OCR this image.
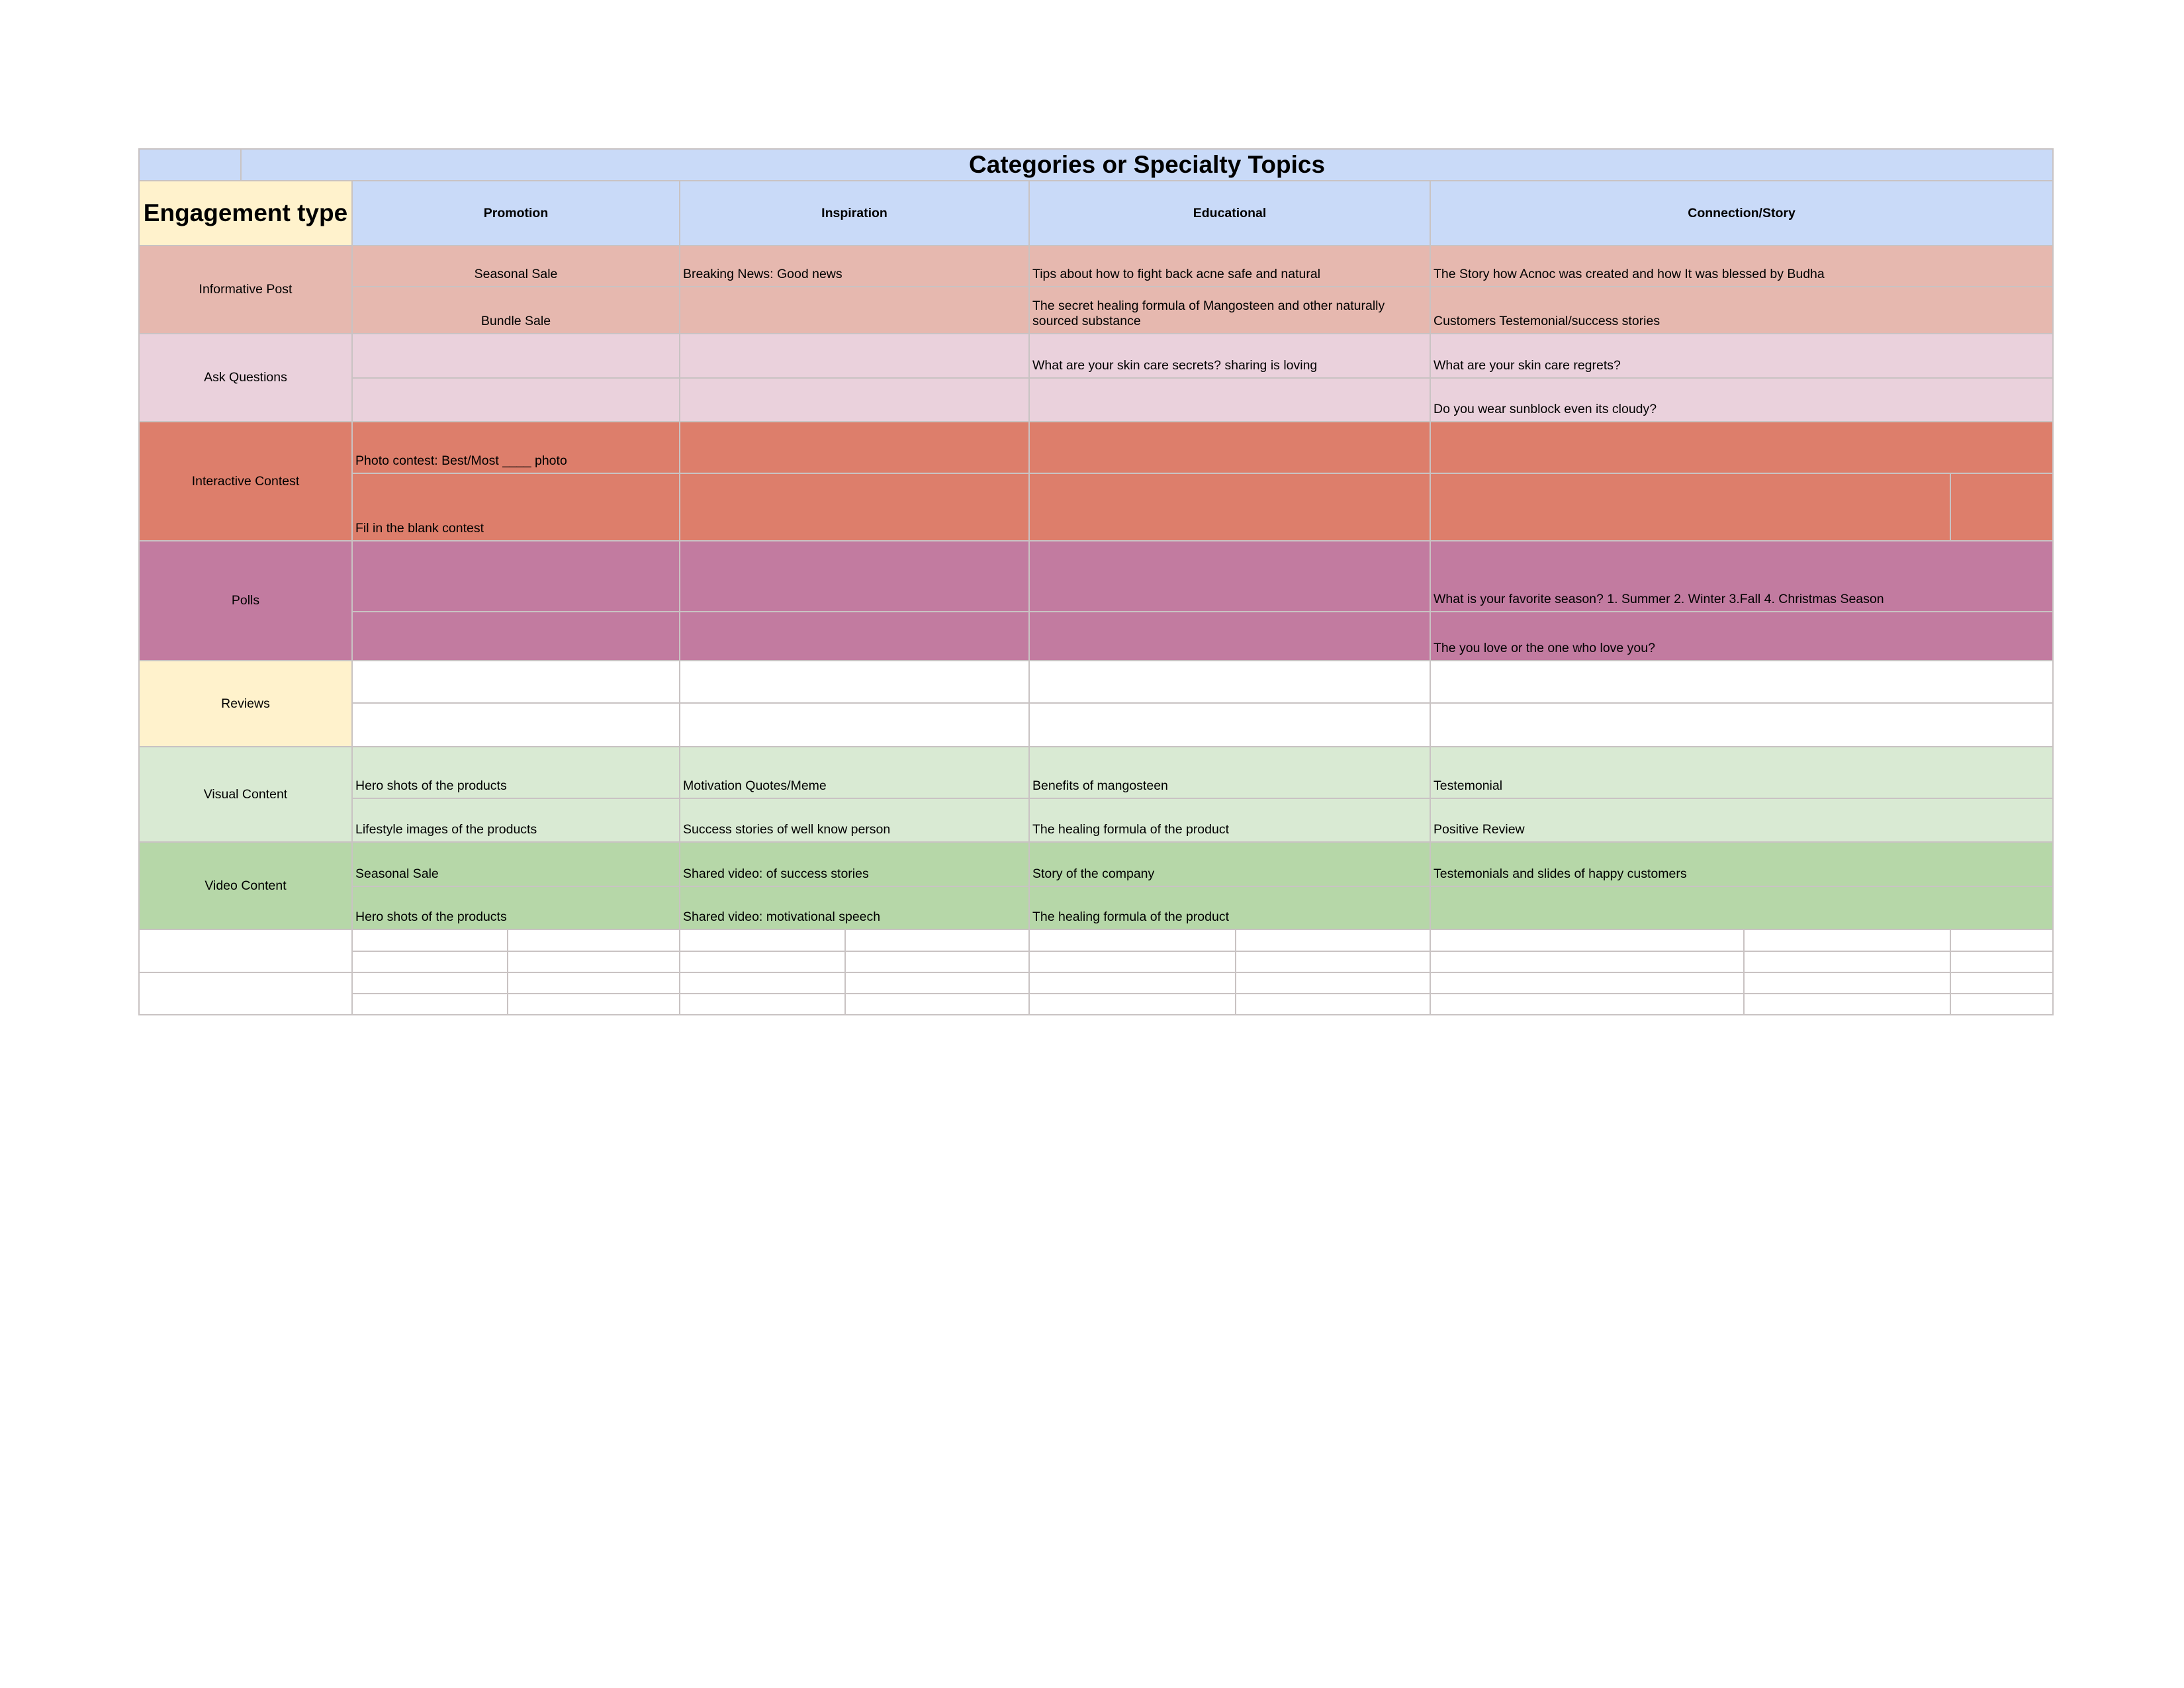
	Categories or Specialty Topics									
Engagement type		Promotion		Inspiration		Educational		Connection/Story		
Informative Post		Seasonal Sale		Breaking News: Good news		Tips about how to fight back acne safe and natural		The Story how Acnoc was created and how It was blessed by Budha		
		Bundle Sale				The secret healing formula of Mangosteen and other naturally sourced substance		Customers Testemonial/success stories		
Ask Questions						What are your skin care secrets? sharing is loving		What are your skin care regrets?		
								Do you wear sunblock even its cloudy?		
Interactive Contest		Photo contest: Best/Most ____ photo								
		Fil in the blank contest								
Polls								What is your favorite season? 1. Summer 2. Winter 3.Fall 4. Christmas Season		
								The you love or the one who love you?		
Reviews										

Visual Content		Hero shots of the products		Motivation Quotes/Meme		Benefits of mangosteen		Testemonial		
		Lifestyle images of the products		Success stories of well know person		The healing formula of the product		Positive Review		
Video Content		Seasonal Sale		Shared video: of success stories		Story of the company		Testemonials and slides of happy customers		
		Hero shots of the products		Shared video: motivational speech		The healing formula of the product				
